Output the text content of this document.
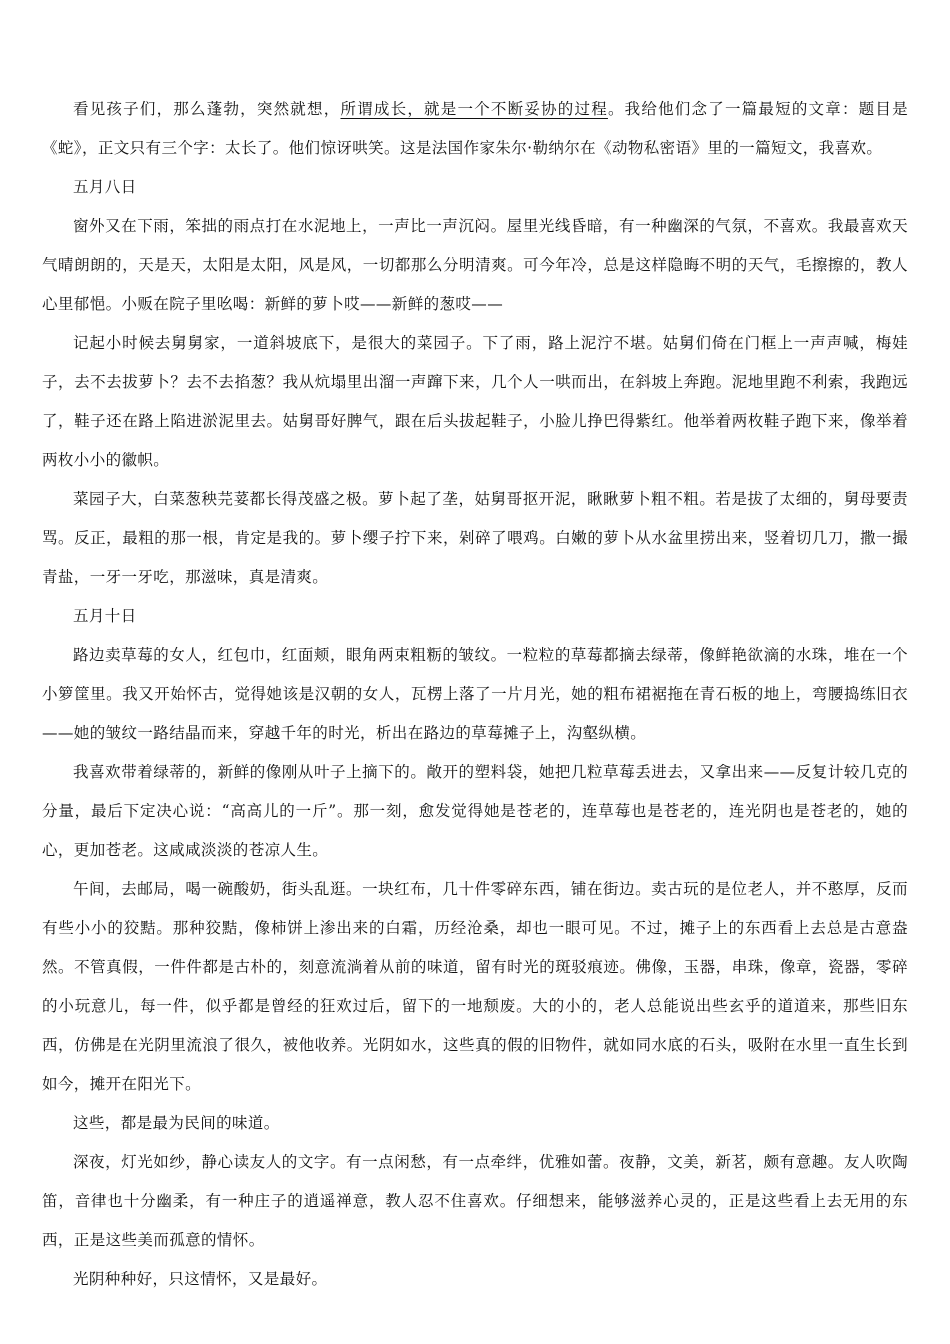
看见孩子们，那么蓬勃，突然就想，所谓成长，就是一个不断妥协的过程。我给他们念了一篇最短的文章：题目是《蛇》，正文只有三个字：太长了。他们惊讶哄笑。这是法国作家朱尔·勒纳尔在《动物私密语》里的一篇短文，我喜欢。

五月八日

窗外又在下雨，笨拙的雨点打在水泥地上，一声比一声沉闷。屋里光线昏暗，有一种幽深的气氛，不喜欢。我最喜欢天气晴朗朗的，天是天，太阳是太阳，风是风，一切都那么分明清爽。可今年冷，总是这样隐晦不明的天气，毛擦擦的，教人心里郁悒。小贩在院子里吆喝：新鲜的萝卜哎——新鲜的葱哎——

记起小时候去舅舅家，一道斜坡底下，是很大的菜园子。下了雨，路上泥泞不堪。姑舅们倚在门框上一声声喊，梅娃子，去不去拔萝卜？去不去掐葱？我从炕塌里出溜一声蹿下来，几个人一哄而出，在斜坡上奔跑。泥地里跑不利索，我跑远了，鞋子还在路上陷进淤泥里去。姑舅哥好脾气，跟在后头拔起鞋子，小脸儿挣巴得紫红。他举着两枚鞋子跑下来，像举着两枚小小的徽帜。

菜园子大，白菜葱秧芫荽都长得茂盛之极。萝卜起了垄，姑舅哥抠开泥，瞅瞅萝卜粗不粗。若是拔了太细的，舅母要责骂。反正，最粗的那一根，肯定是我的。萝卜缨子拧下来，剁碎了喂鸡。白嫩的萝卜从水盆里捞出来，竖着切几刀，撒一撮青盐，一牙一牙吃，那滋味，真是清爽。

五月十日

路边卖草莓的女人，红包巾，红面颊，眼角两束粗粝的皱纹。一粒粒的草莓都摘去绿蒂，像鲜艳欲滴的水珠，堆在一个小箩筐里。我又开始怀古，觉得她该是汉朝的女人，瓦楞上落了一片月光，她的粗布裙裾拖在青石板的地上，弯腰捣练旧衣——她的皱纹一路结晶而来，穿越千年的时光，析出在路边的草莓摊子上，沟壑纵横。

我喜欢带着绿蒂的，新鲜的像刚从叶子上摘下的。敞开的塑料袋，她把几粒草莓丢进去，又拿出来——反复计较几克的分量，最后下定决心说：“高高儿的一斤”。那一刻，愈发觉得她是苍老的，连草莓也是苍老的，连光阴也是苍老的，她的心，更加苍老。这咸咸淡淡的苍凉人生。

午间，去邮局，喝一碗酸奶，街头乱逛。一块红布，几十件零碎东西，铺在街边。卖古玩的是位老人，并不憨厚，反而有些小小的狡黠。那种狡黠，像柿饼上渗出来的白霜，历经沧桑，却也一眼可见。不过，摊子上的东西看上去总是古意盎然。不管真假，一件件都是古朴的，刻意流淌着从前的味道，留有时光的斑驳痕迹。佛像，玉器，串珠，像章，瓷器，零碎的小玩意儿，每一件，似乎都是曾经的狂欢过后，留下的一地颓废。大的小的，老人总能说出些玄乎的道道来，那些旧东西，仿佛是在光阴里流浪了很久，被他收养。光阴如水，这些真的假的旧物件，就如同水底的石头，吸附在水里一直生长到如今，摊开在阳光下。

这些，都是最为民间的味道。

深夜，灯光如纱，静心读友人的文字。有一点闲愁，有一点牵绊，优雅如蕾。夜静，文美，新茗，颇有意趣。友人吹陶笛，音律也十分幽柔，有一种庄子的逍遥禅意，教人忍不住喜欢。仔细想来，能够滋养心灵的，正是这些看上去无用的东西，正是这些美而孤意的情怀。

光阴种种好，只这情怀，又是最好。
